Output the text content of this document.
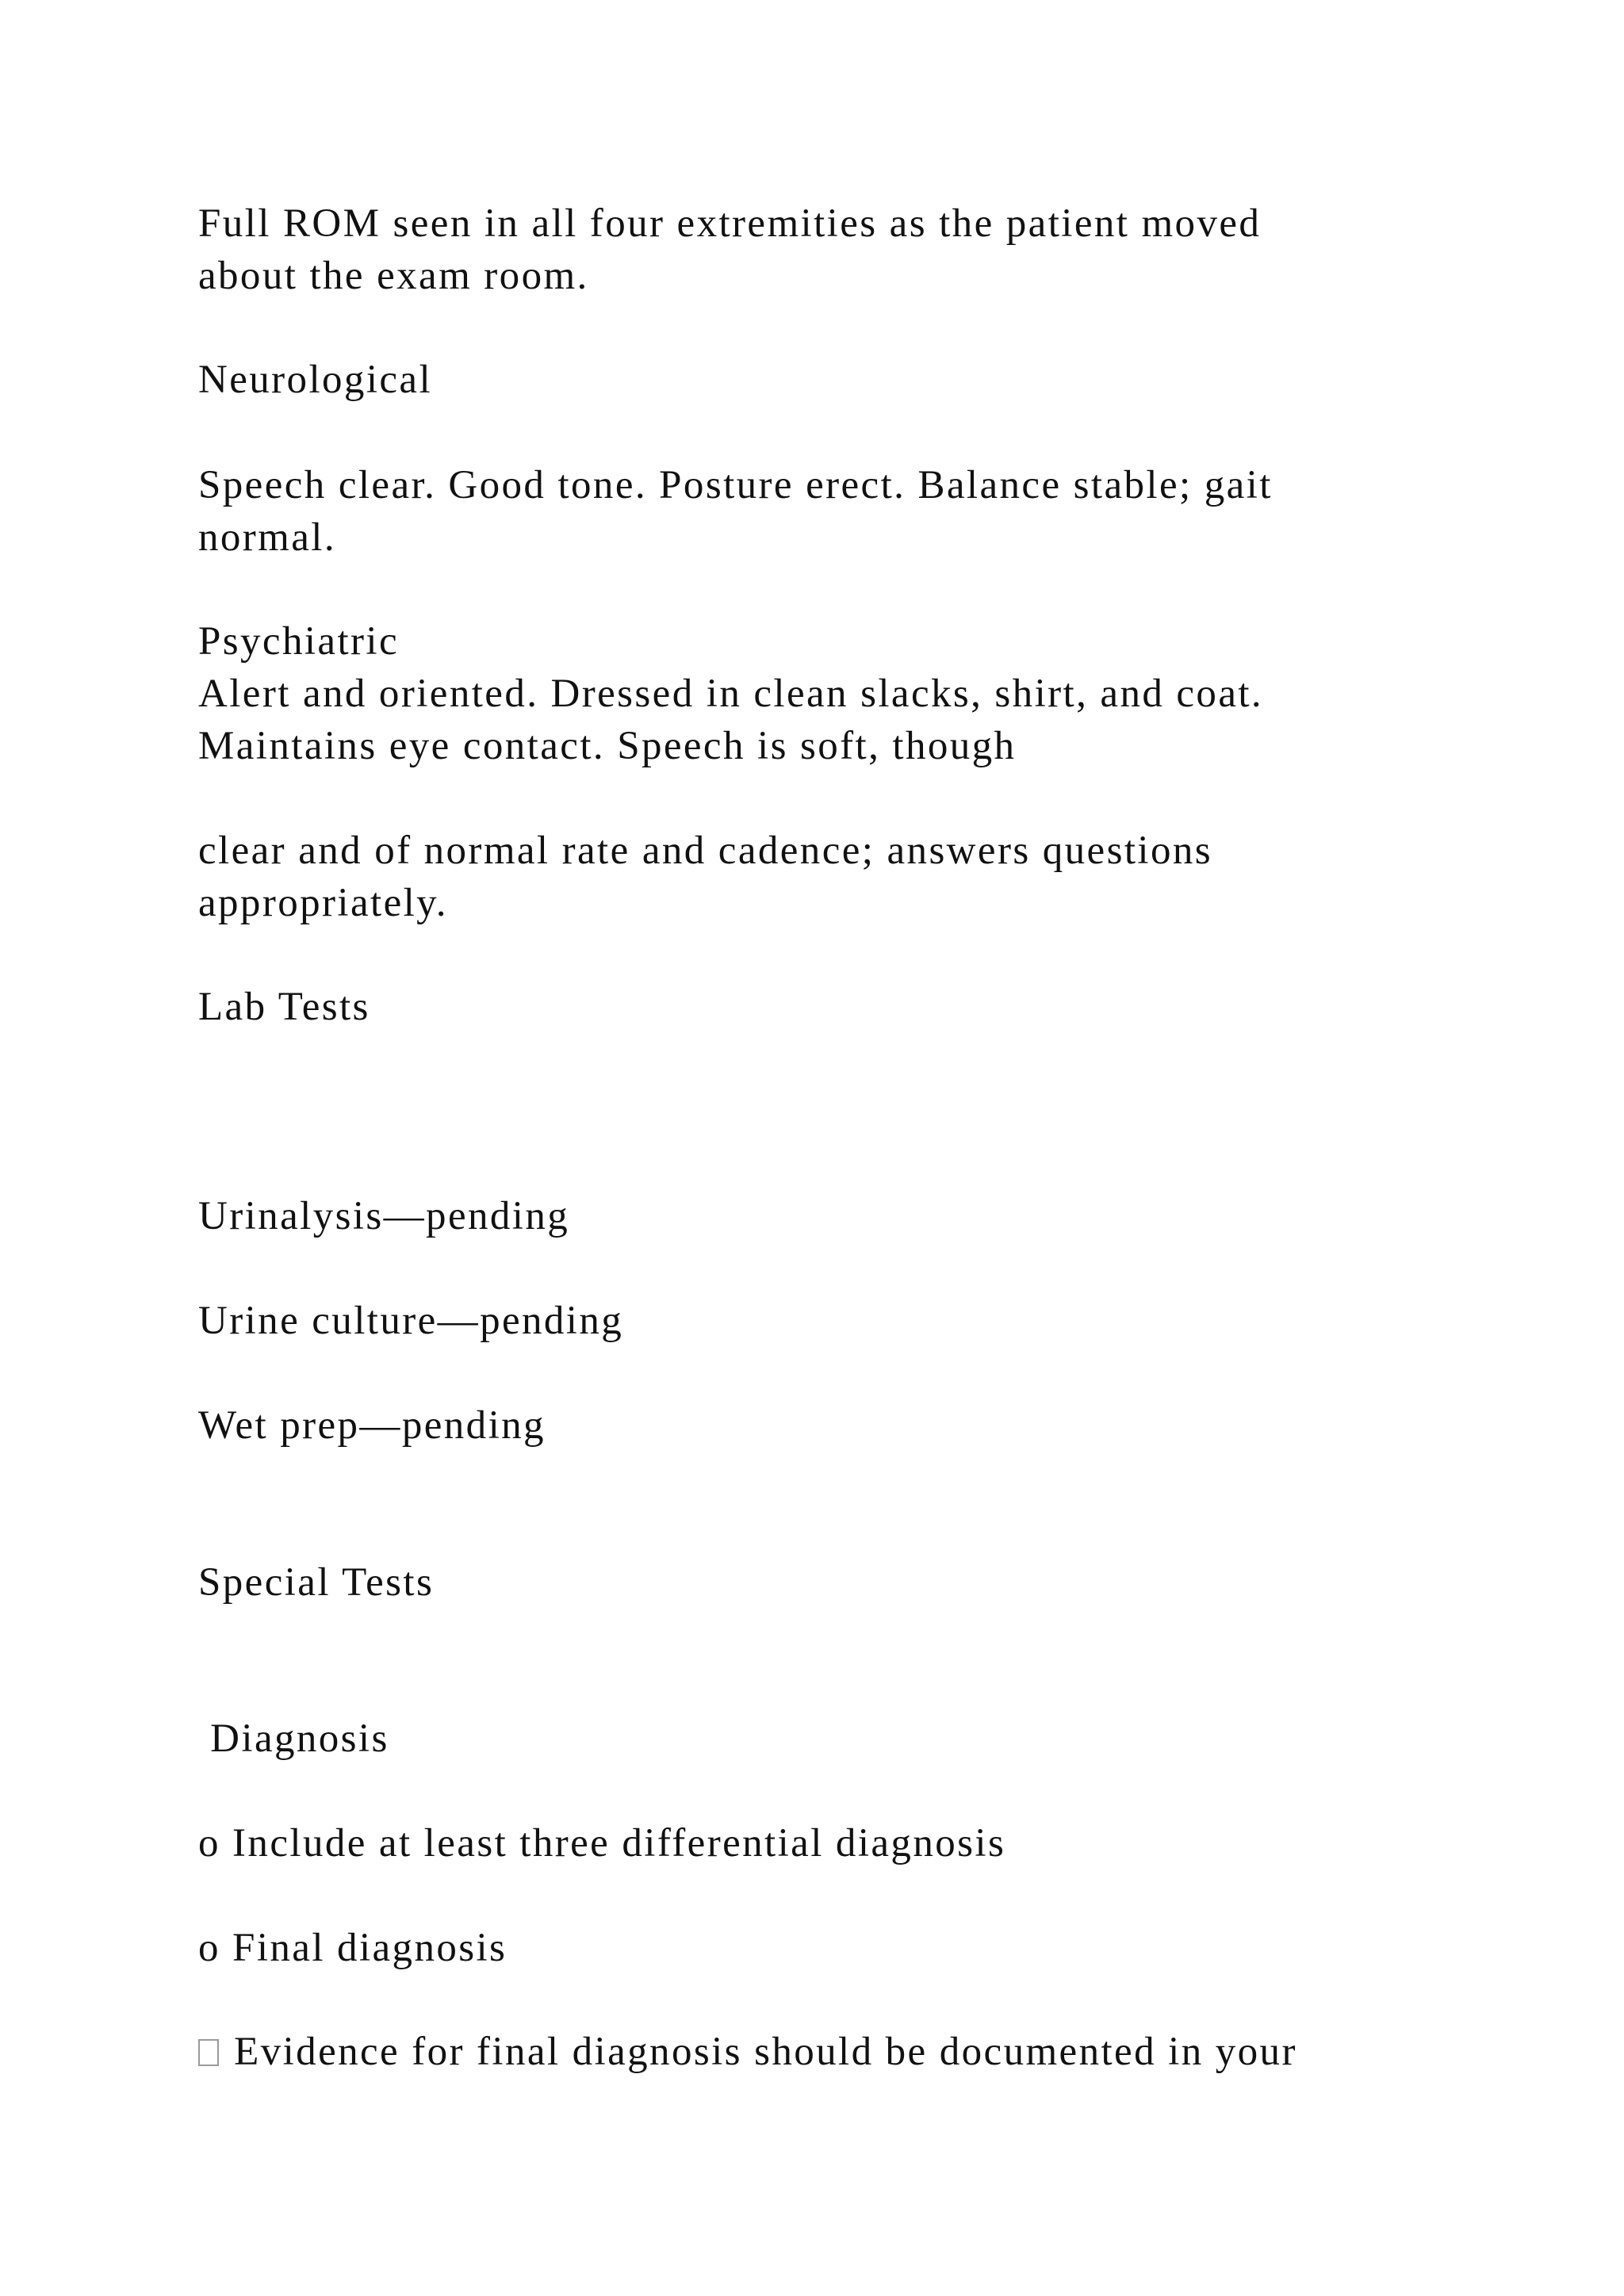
Full ROM seen in all four extremities as the patient moved

about the exam room.

Neurological

Speech clear. Good tone. Posture erect. Balance stable; gait

normal.

Psychiatric

Alert and oriented. Dressed in clean slacks, shirt, and coat.

Maintains eye contact. Speech is soft, though

clear and of normal rate and cadence; answers questions

appropriately.

Lab Tests

Urinalysis—pending

Urine culture—pending

Wet prep—pending

Special Tests

Diagnosis

o Include at least three differential diagnosis

o Final diagnosis

Evidence for final diagnosis should be documented in your
